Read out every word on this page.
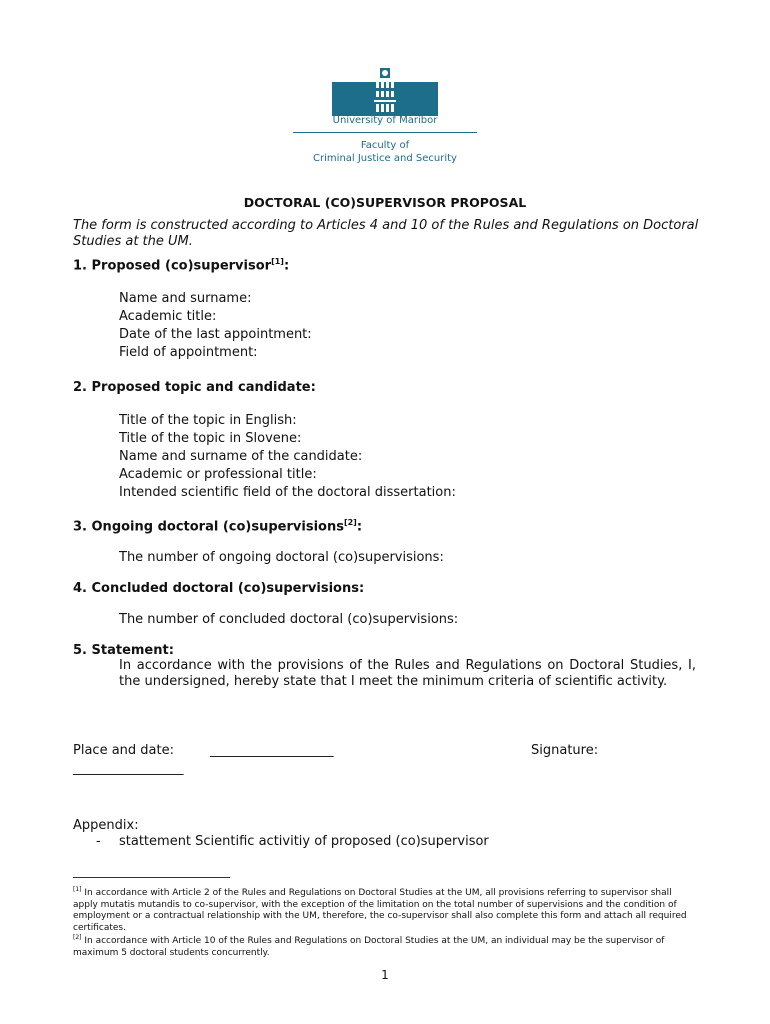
University of Maribor
Faculty of
Criminal Justice and Security
DOCTORAL (CO)SUPERVISOR PROPOSAL
The form is constructed according to Articles 4 and 10 of the Rules and Regulations on Doctoral Studies at the UM.
1. Proposed (co)supervisor[1]:
Name and surname:
Academic title:
Date of the last appointment:
Field of appointment:
2. Proposed topic and candidate:
Title of the topic in English:
Title of the topic in Slovene:
Name and surname of the candidate:
Academic or professional title:
Intended scientific field of the doctoral dissertation:
3. Ongoing doctoral (co)supervisions[2]:
The number of ongoing doctoral (co)supervisions:
4. Concluded doctoral (co)supervisions:
The number of concluded doctoral (co)supervisions:
5. Statement:
In accordance with the provisions of the Rules and Regulations on Doctoral Studies, I, the undersigned, hereby state that I meet the minimum criteria of scientific activity.
Place and date:	___________________	Signature:
_________________
Appendix:
- stattement Scientific activitiy of proposed (co)supervisor
[1] In accordance with Article 2 of the Rules and Regulations on Doctoral Studies at the UM, all provisions referring to supervisor shall apply mutatis mutandis to co-supervisor, with the exception of the limitation on the total number of supervisions and the condition of employment or a contractual relationship with the UM, therefore, the co-supervisor shall also complete this form and attach all required certificates.
[2] In accordance with Article 10 of the Rules and Regulations on Doctoral Studies at the UM, an individual may be the supervisor of maximum 5 doctoral students concurrently.
1
